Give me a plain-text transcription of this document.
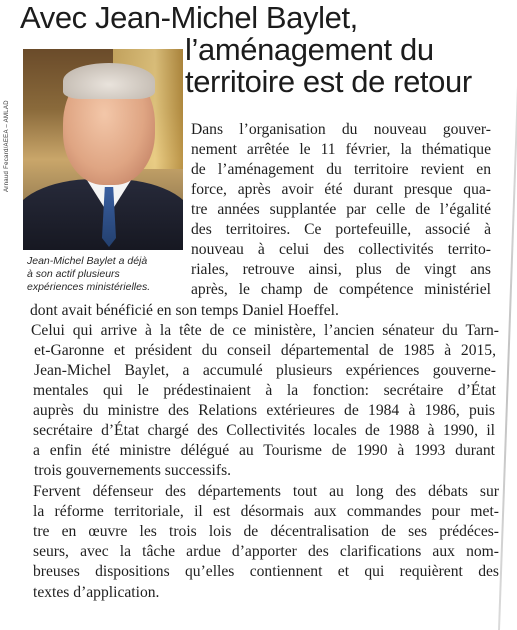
Avec Jean-Michel Baylet,
l’aménagement du
territoire est de retour
Arnaud Fecard/AEEA – AMLAD

Jean-Michel Baylet a déjà
à son actif plusieurs
expériences ministérielles.

Dans l’organisation du nouveau gouver-
nement arrêtée le 11 février, la thématique
de l’aménagement du territoire revient en
force, après avoir été durant presque qua-
tre années supplantée par celle de l’égalité
des territoires. Ce portefeuille, associé à
nouveau à celui des collectivités territo-
riales, retrouve ainsi, plus de vingt ans
après, le champ de compétence ministériel
dont avait bénéficié en son temps Daniel Hoeffel.
Celui qui arrive à la tête de ce ministère, l’ancien sénateur du Tarn-
et-Garonne et président du conseil départemental de 1985 à 2015,
Jean-Michel Baylet, a accumulé plusieurs expériences gouverne-
mentales qui le prédestinaient à la fonction: secrétaire d’État
auprès du ministre des Relations extérieures de 1984 à 1986, puis
secrétaire d’État chargé des Collectivités locales de 1988 à 1990, il
a enfin été ministre délégué au Tourisme de 1990 à 1993 durant
trois gouvernements successifs.
Fervent défenseur des départements tout au long des débats sur
la réforme territoriale, il est désormais aux commandes pour met-
tre en œuvre les trois lois de décentralisation de ses prédéces-
seurs, avec la tâche ardue d’apporter des clarifications aux nom-
breuses dispositions qu’elles contiennent et qui requièrent des
textes d’application.
